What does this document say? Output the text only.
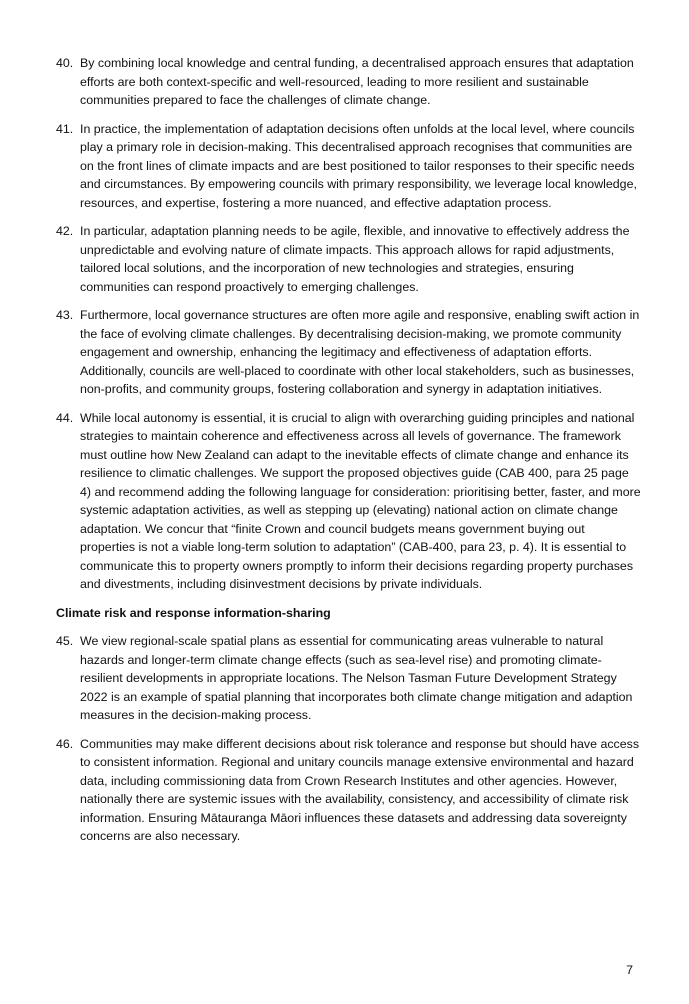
40. By combining local knowledge and central funding, a decentralised approach ensures that adaptation efforts are both context-specific and well-resourced, leading to more resilient and sustainable communities prepared to face the challenges of climate change.
41. In practice, the implementation of adaptation decisions often unfolds at the local level, where councils play a primary role in decision-making. This decentralised approach recognises that communities are on the front lines of climate impacts and are best positioned to tailor responses to their specific needs and circumstances. By empowering councils with primary responsibility, we leverage local knowledge, resources, and expertise, fostering a more nuanced, and effective adaptation process.
42. In particular, adaptation planning needs to be agile, flexible, and innovative to effectively address the unpredictable and evolving nature of climate impacts. This approach allows for rapid adjustments, tailored local solutions, and the incorporation of new technologies and strategies, ensuring communities can respond proactively to emerging challenges.
43. Furthermore, local governance structures are often more agile and responsive, enabling swift action in the face of evolving climate challenges. By decentralising decision-making, we promote community engagement and ownership, enhancing the legitimacy and effectiveness of adaptation efforts. Additionally, councils are well-placed to coordinate with other local stakeholders, such as businesses, non-profits, and community groups, fostering collaboration and synergy in adaptation initiatives.
44. While local autonomy is essential, it is crucial to align with overarching guiding principles and national strategies to maintain coherence and effectiveness across all levels of governance. The framework must outline how New Zealand can adapt to the inevitable effects of climate change and enhance its resilience to climatic challenges. We support the proposed objectives guide (CAB 400, para 25 page 4) and recommend adding the following language for consideration: prioritising better, faster, and more systemic adaptation activities, as well as stepping up (elevating) national action on climate change adaptation. We concur that “finite Crown and council budgets means government buying out properties is not a viable long-term solution to adaptation” (CAB-400, para 23, p. 4). It is essential to communicate this to property owners promptly to inform their decisions regarding property purchases and divestments, including disinvestment decisions by private individuals.
Climate risk and response information-sharing
45. We view regional-scale spatial plans as essential for communicating areas vulnerable to natural hazards and longer-term climate change effects (such as sea-level rise) and promoting climate-resilient developments in appropriate locations. The Nelson Tasman Future Development Strategy 2022 is an example of spatial planning that incorporates both climate change mitigation and adaption measures in the decision-making process.
46. Communities may make different decisions about risk tolerance and response but should have access to consistent information. Regional and unitary councils manage extensive environmental and hazard data, including commissioning data from Crown Research Institutes and other agencies. However, nationally there are systemic issues with the availability, consistency, and accessibility of climate risk information. Ensuring Mātauranga Māori influences these datasets and addressing data sovereignty concerns are also necessary.
7
